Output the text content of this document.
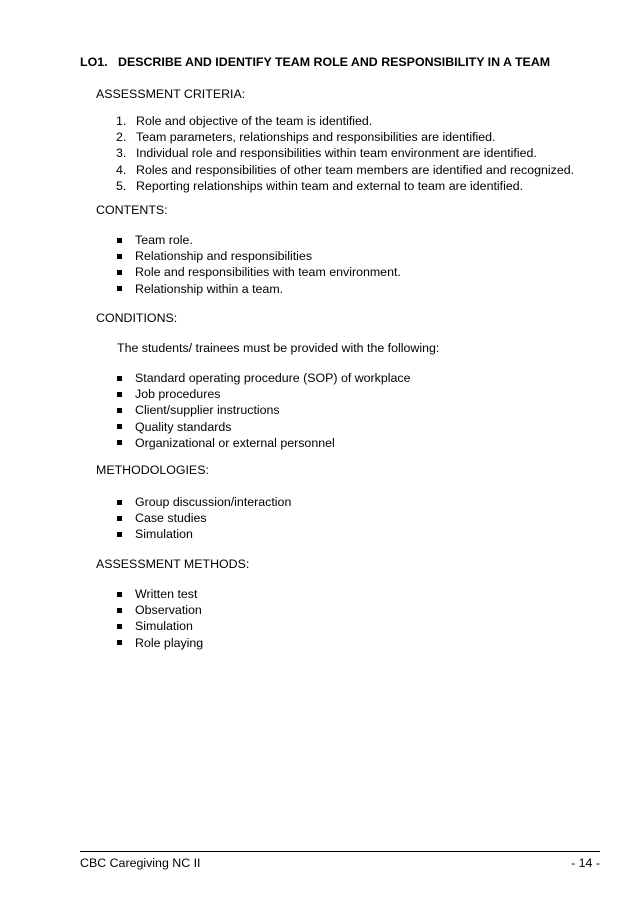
LO1. DESCRIBE AND IDENTIFY TEAM ROLE AND RESPONSIBILITY IN A TEAM
ASSESSMENT CRITERIA:
1. Role and objective of the team is identified.
2. Team parameters, relationships and responsibilities are identified.
3. Individual role and responsibilities within team environment are identified.
4. Roles and responsibilities of other team members are identified and recognized.
5. Reporting relationships within team and external to team are identified.
CONTENTS:
Team role.
Relationship and responsibilities
Role and responsibilities with team environment.
Relationship within a team.
CONDITIONS:
The students/ trainees must be provided with the following:
Standard operating procedure (SOP) of workplace
Job procedures
Client/supplier instructions
Quality standards
Organizational or external personnel
METHODOLOGIES:
Group discussion/interaction
Case studies
Simulation
ASSESSMENT METHODS:
Written test
Observation
Simulation
Role playing
CBC Caregiving NC II	- 14 -
